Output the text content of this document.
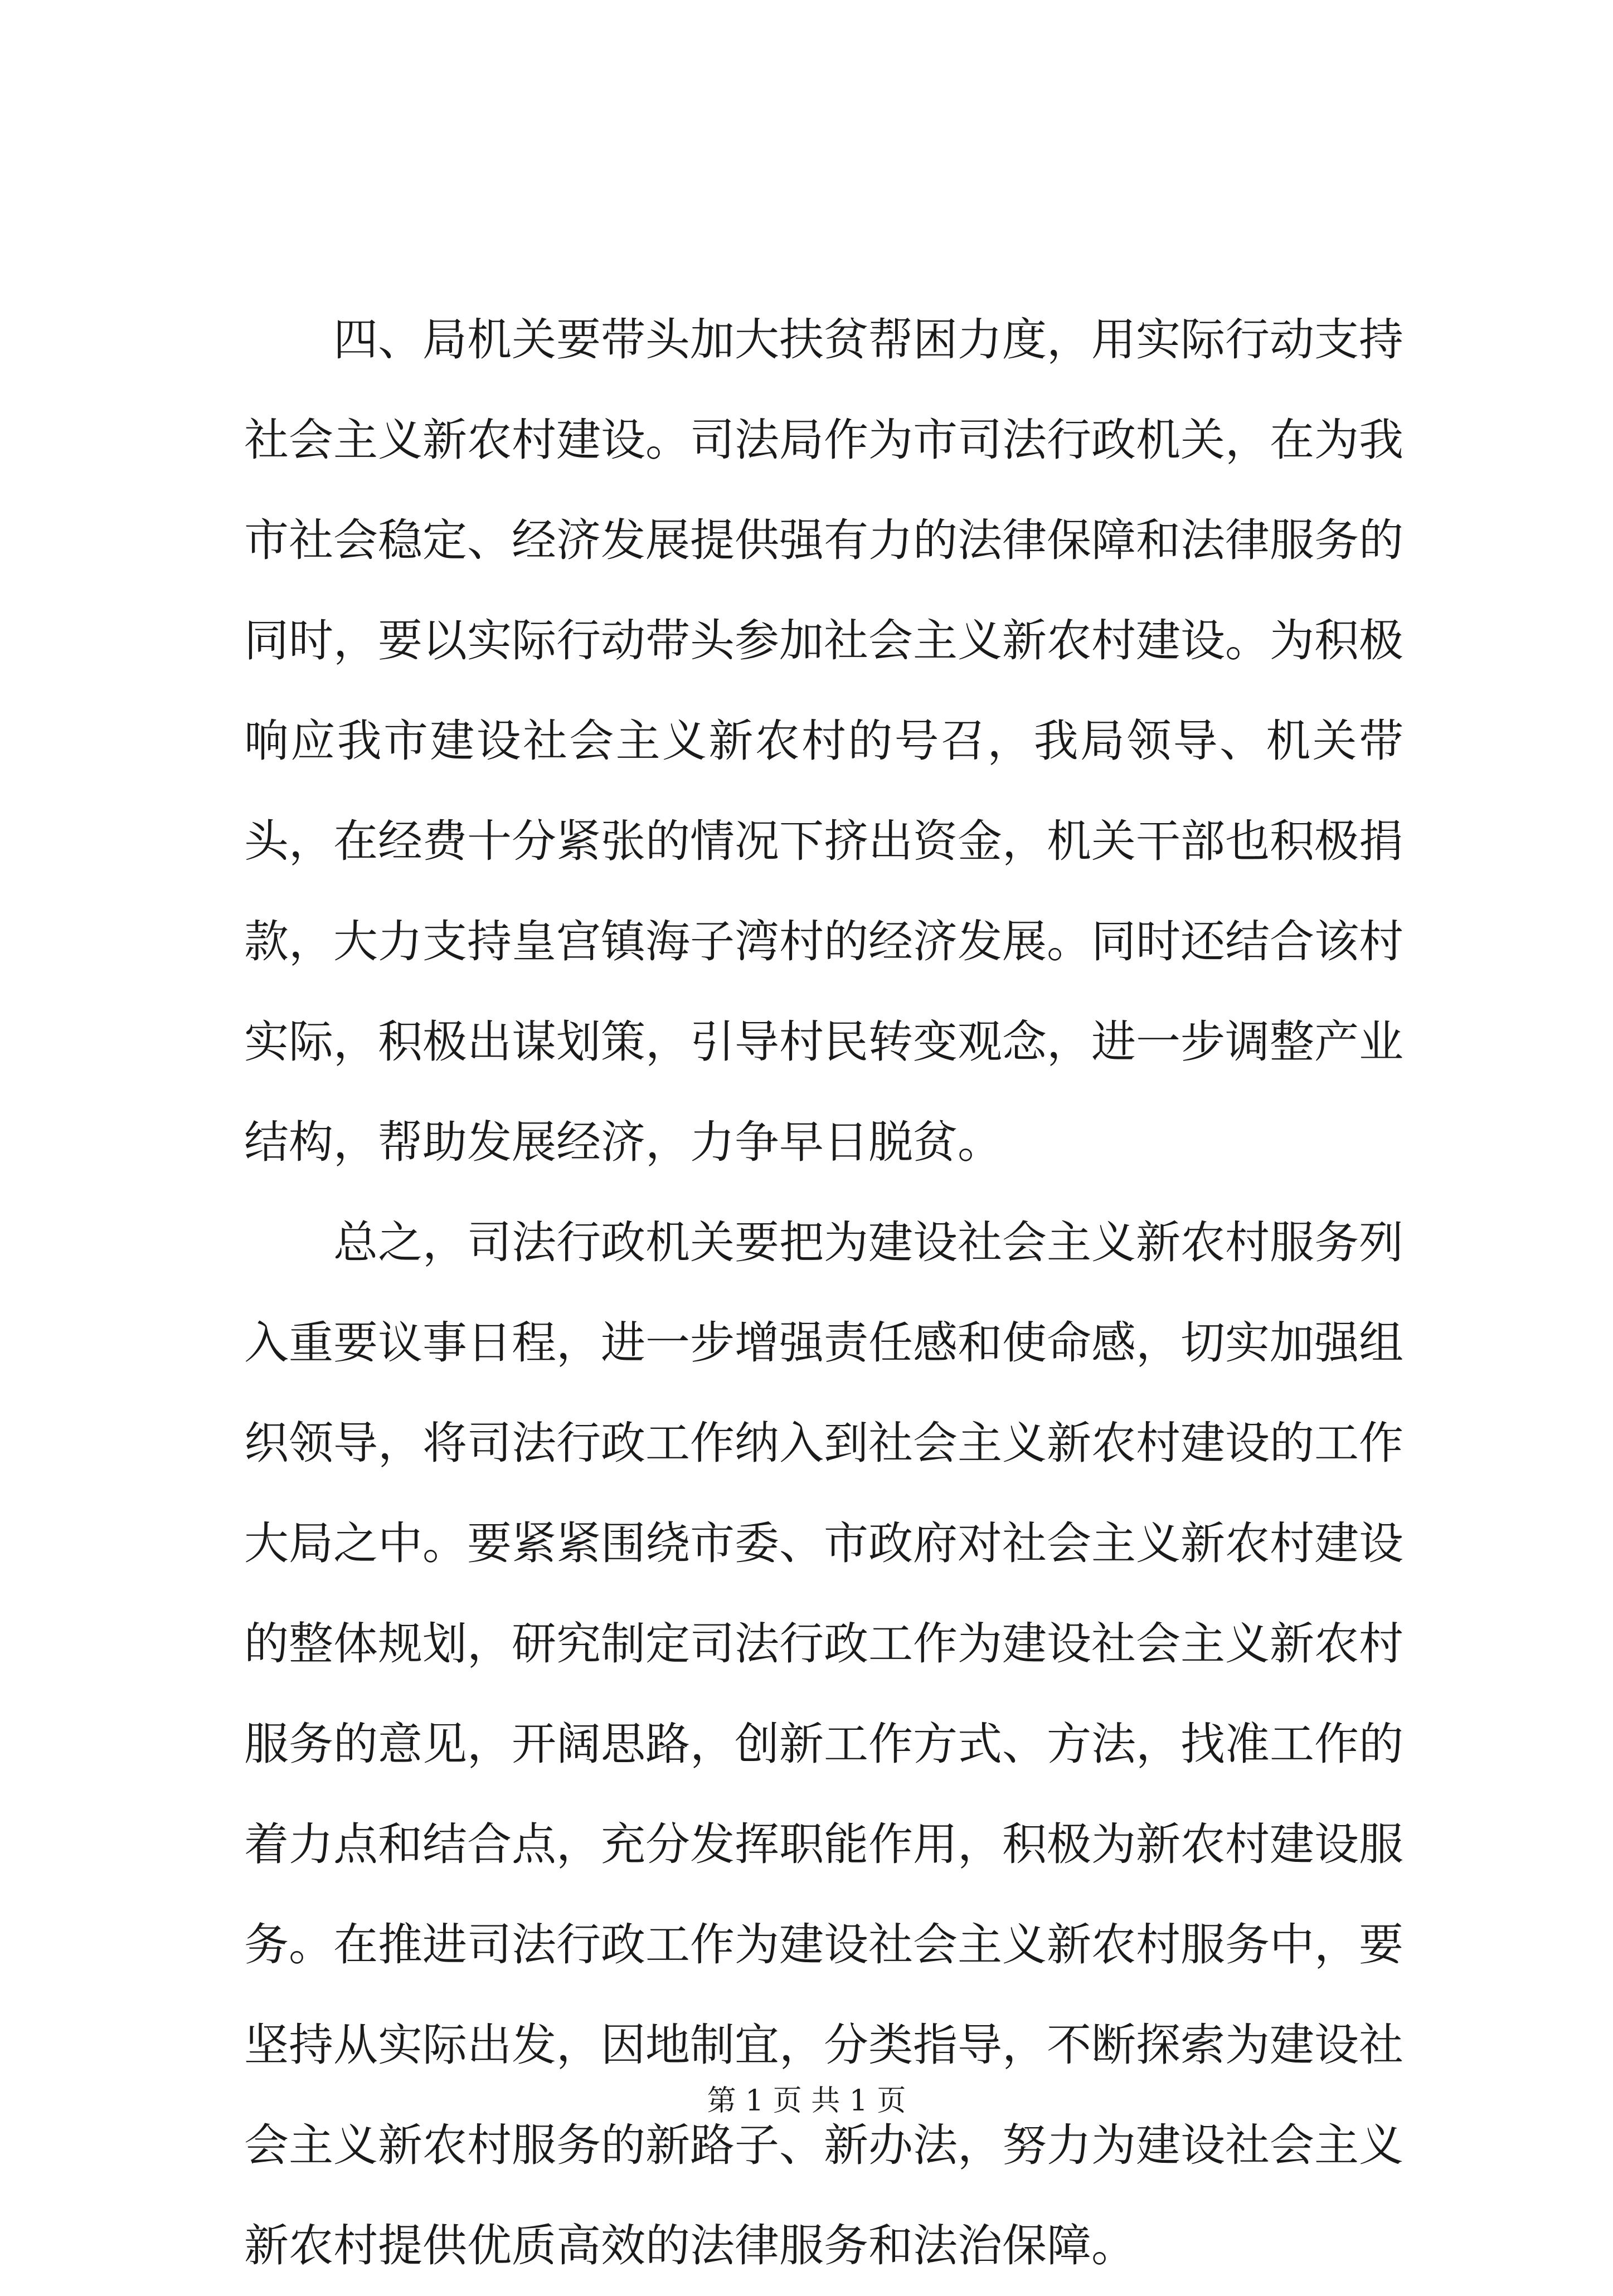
四、局机关要带头加大扶贫帮困力度，用实际行动支持社会主义新农村建设。司法局作为市司法行政机关，在为我市社会稳定、经济发展提供强有力的法律保障和法律服务的同时，要以实际行动带头参加社会主义新农村建设。为积极响应我市建设社会主义新农村的号召，我局领导、机关带头，在经费十分紧张的情况下挤出资金，机关干部也积极捐款，大力支持皇宫镇海子湾村的经济发展。同时还结合该村实际，积极出谋划策，引导村民转变观念，进一步调整产业结构，帮助发展经济，力争早日脱贫。

总之，司法行政机关要把为建设社会主义新农村服务列入重要议事日程，进一步增强责任感和使命感，切实加强组织领导，将司法行政工作纳入到社会主义新农村建设的工作大局之中。要紧紧围绕市委、市政府对社会主义新农村建设的整体规划，研究制定司法行政工作为建设社会主义新农村服务的意见，开阔思路，创新工作方式、方法，找准工作的着力点和结合点，充分发挥职能作用，积极为新农村建设服务。在推进司法行政工作为建设社会主义新农村服务中，要坚持从实际出发，因地制宜，分类指导，不断探索为建设社会主义新农村服务的新路子、新办法，努力为建设社会主义新农村提供优质高效的法律服务和法治保障。

第 1 页 共 1 页
